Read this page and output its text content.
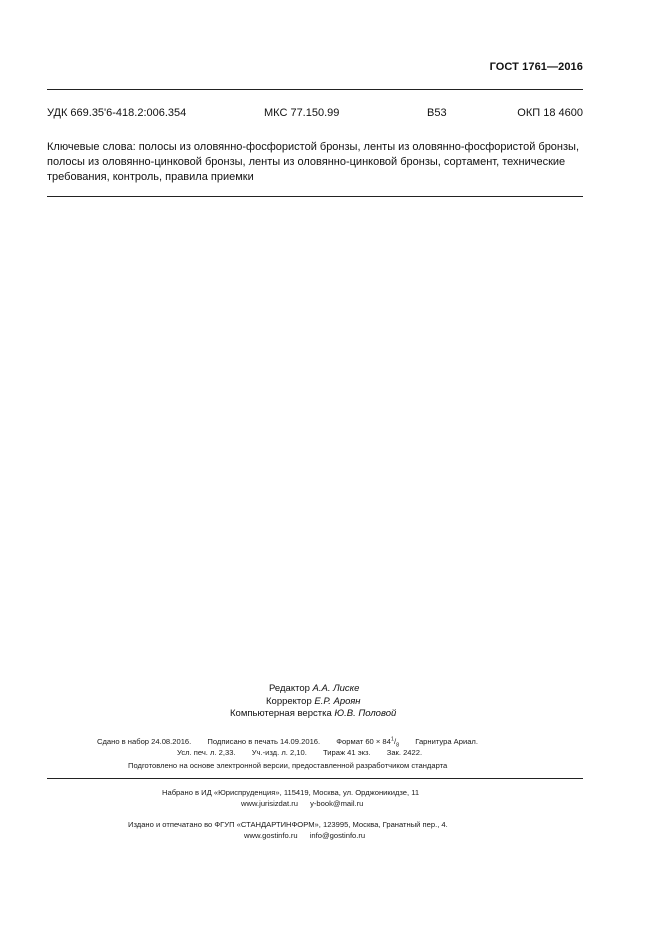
ГОСТ 1761—2016
УДК 669.35'6-418.2:006.354	МКС 77.150.99	В53	ОКП 18 4600
Ключевые слова: полосы из оловянно-фосфористой бронзы, ленты из оловянно-фосфористой бронзы, полосы из оловянно-цинковой бронзы, ленты из оловянно-цинковой бронзы, сортамент, технические требования, контроль, правила приемки
Редактор А.А. Лиске
Корректор Е.Р. Ароян
Компьютерная верстка Ю.В. Половой
Сдано в набор 24.08.2016. Подписано в печать 14.09.2016. Формат $60 \times 84^1/_8$ Гарнитура Ариал.
Усл. печ. л. 2,33. Уч.-изд. л. 2,10. Тираж 41 экз. Зак. 2422.
Подготовлено на основе электронной версии, предоставленной разработчиком стандарта
Набрано в ИД «Юриспруденция», 115419, Москва, ул. Орджоникидзе, 11
www.jurisizdat.ru y-book@mail.ru
Издано и отпечатано во ФГУП «СТАНДАРТИНФОРМ», 123995, Москва, Гранатный пер., 4.
www.gostinfo.ru info@gostinfo.ru
